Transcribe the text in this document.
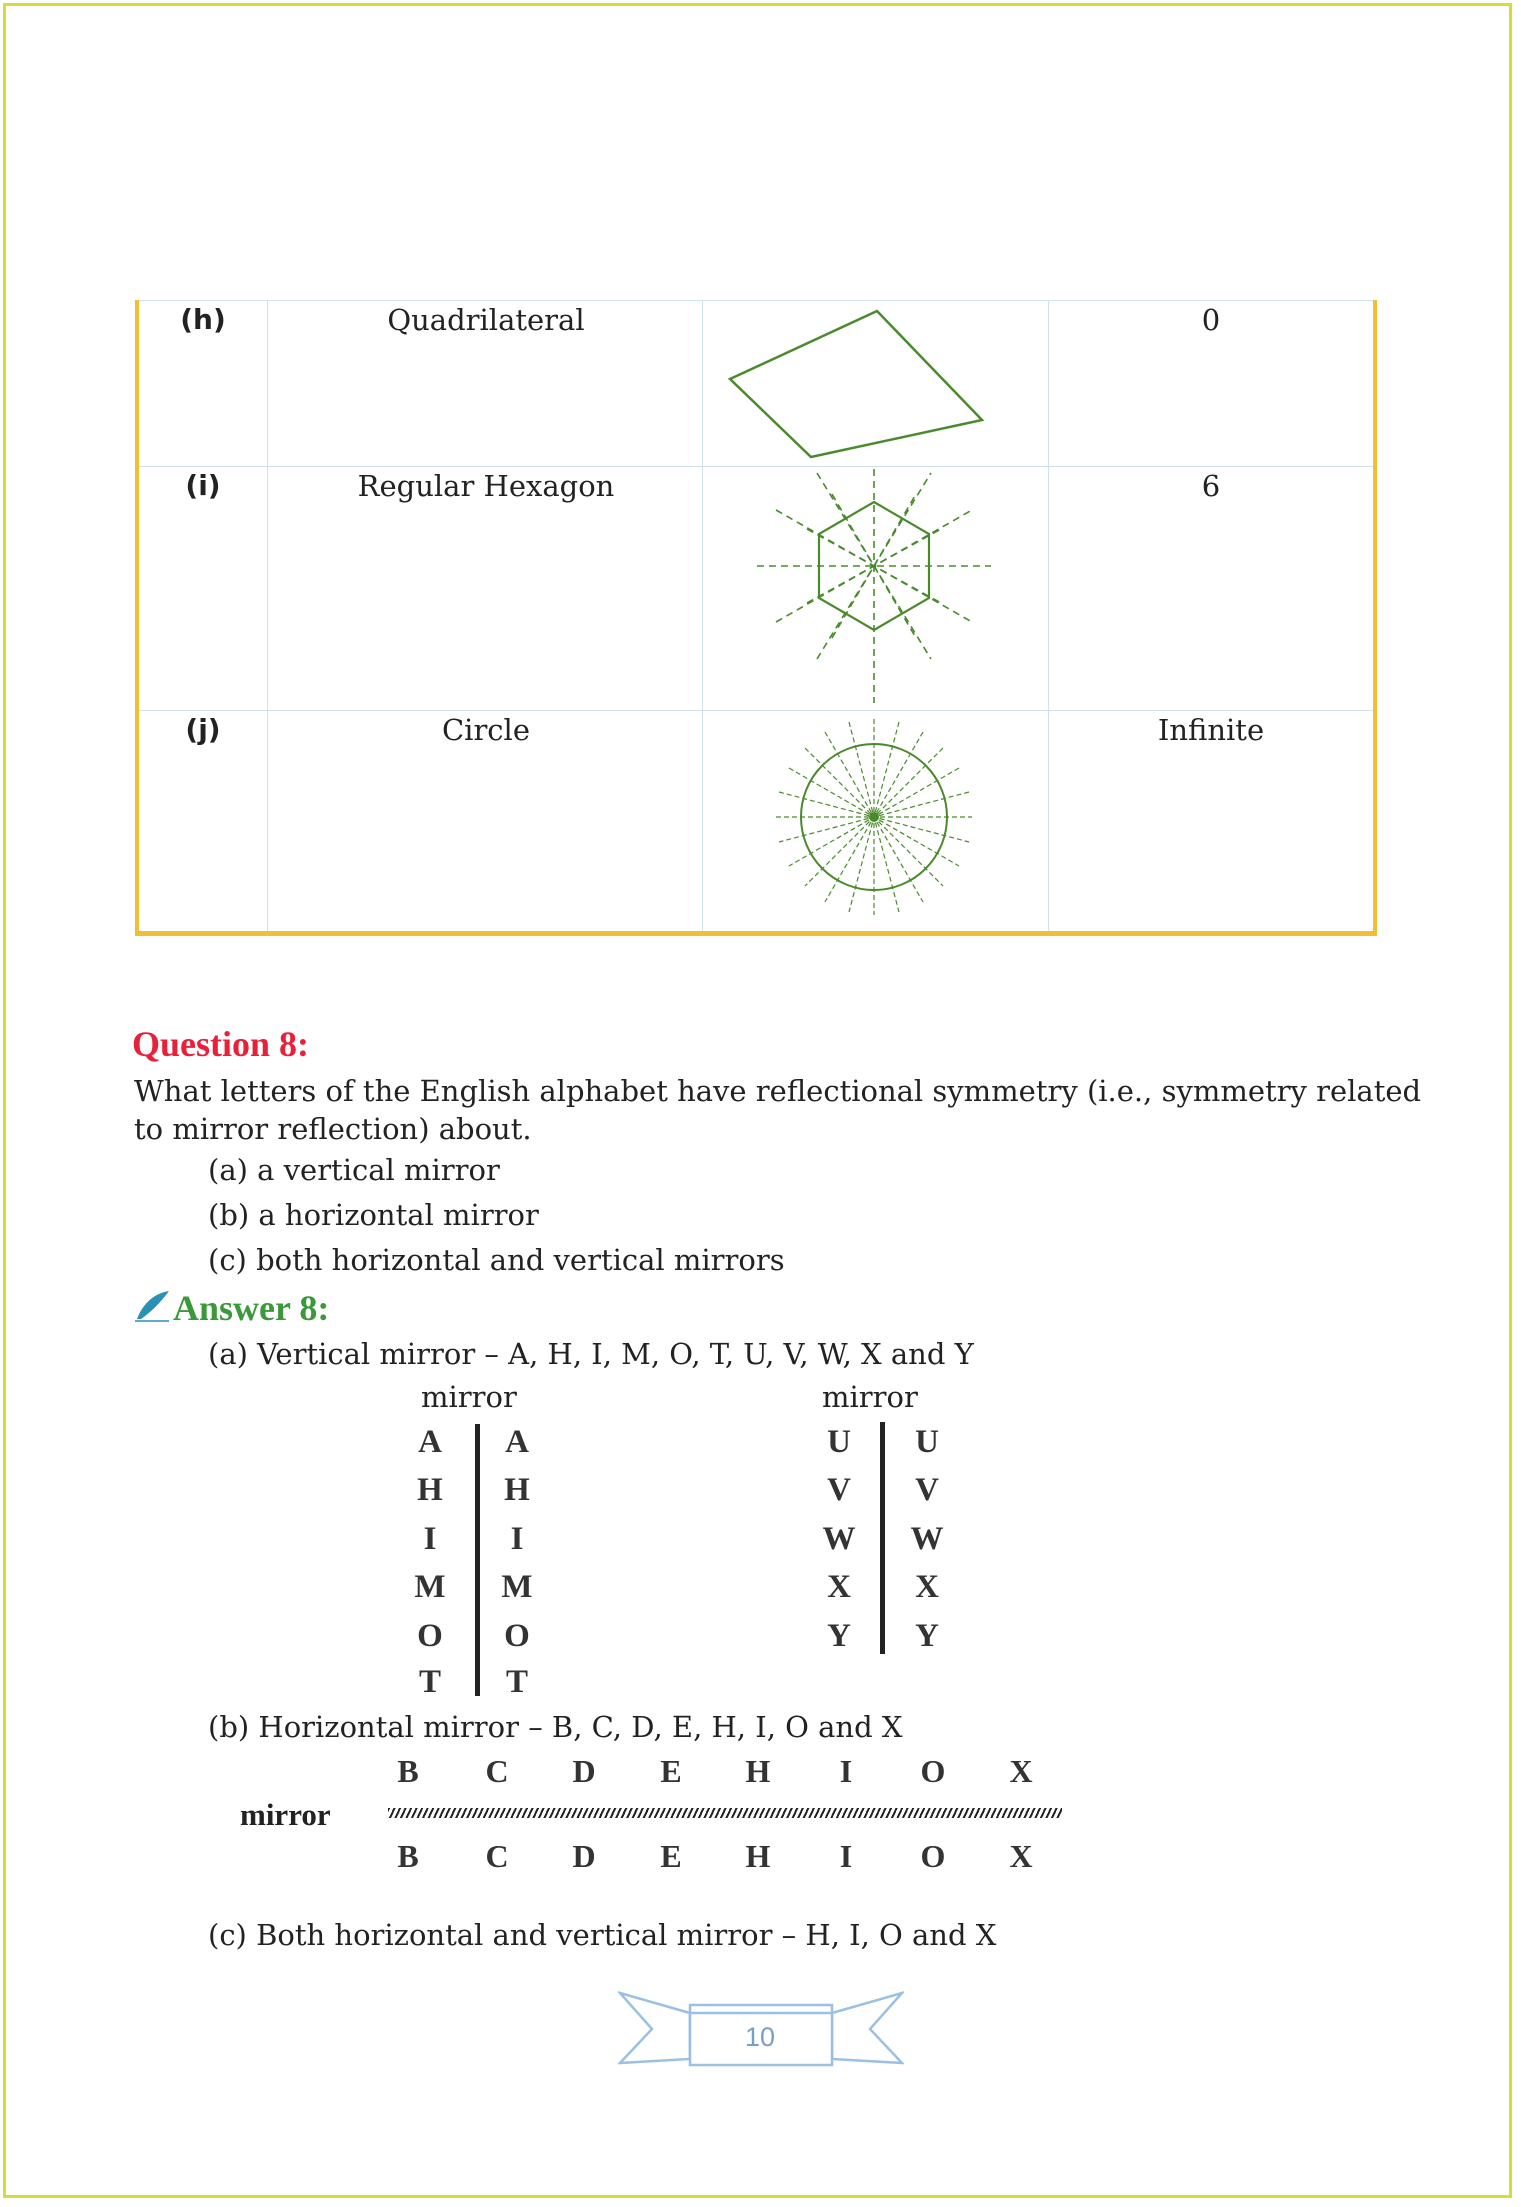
(h)	Quadrilateral	0
(i)	Regular Hexagon	6
(j)	Circle	Infinite
Question 8:
What letters of the English alphabet have reflectional symmetry (i.e., symmetry related
to mirror reflection) about.
(a) a vertical mirror
(b) a horizontal mirror
(c) both horizontal and vertical mirrors
Answer 8:
(a) Vertical mirror – A, H, I, M, O, T, U, V, W, X and Y
mirror
A A
H H
I	I
M M
O O
T T
mirror
U U
V V
W W
X X
Y Y
(b) Horizontal mirror – B, C, D, E, H, I, O and X
mirror
B C D E H	I	O X
B C D E H	I	O X
(c) Both horizontal and vertical mirror – H, I, O and X
10
